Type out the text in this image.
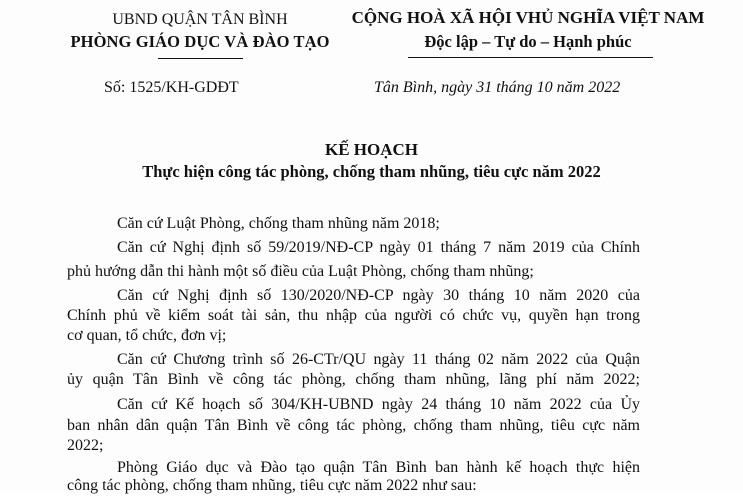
UBND QUẬN TÂN BÌNH
PHÒNG GIÁO DỤC VÀ ĐÀO TẠO
Số: 1525/KH-GDĐT
CỘNG HOÀ XÃ HỘI VHỦ NGHĨA VIỆT NAM
Độc lập – Tự do – Hạnh phúc
Tân Bình, ngày 31 tháng 10 năm 2022
KẾ HOẠCH
Thực hiện công tác phòng, chống tham nhũng, tiêu cực năm 2022
Căn cứ Luật Phòng, chống tham nhũng năm 2018;
Căn cứ Nghị định số 59/2019/NĐ-CP ngày 01 tháng 7 năm 2019 của Chính
phủ hướng dẫn thi hành một số điều của Luật Phòng, chống tham nhũng;
Căn cứ Nghị định số 130/2020/NĐ-CP ngày 30 tháng 10 năm 2020 của
Chính phủ về kiểm soát tài sản, thu nhập của người có chức vụ, quyền hạn trong
cơ quan, tổ chức, đơn vị;
Căn cứ Chương trình số 26-CTr/QU ngày 11 tháng 02 năm 2022 của Quận
ủy quận Tân Bình về công tác phòng, chống tham nhũng, lãng phí năm 2022;
Căn cứ Kế hoạch số 304/KH-UBND ngày 24 tháng 10 năm 2022 của Ủy
ban nhân dân quận Tân Bình về công tác phòng, chống tham nhũng, tiêu cực năm
2022;
Phòng Giáo dục và Đào tạo quận Tân Bình ban hành kế hoạch thực hiện
công tác phòng, chống tham nhũng, tiêu cực năm 2022 như sau:
